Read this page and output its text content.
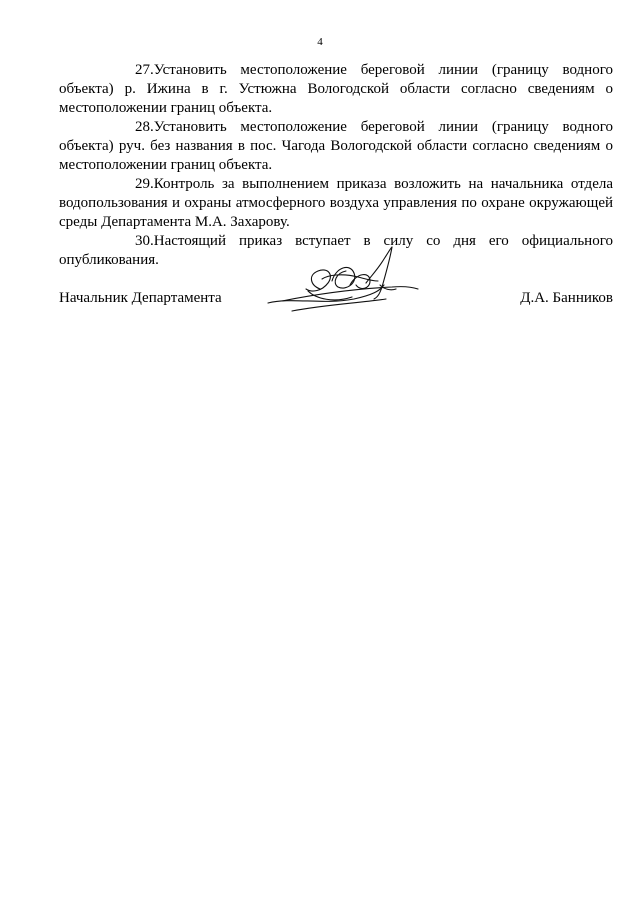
4

27.Установить местоположение береговой линии (границу водного объекта) р. Ижина в г. Устюжна Вологодской области согласно сведениям о местоположении границ объекта.

28.Установить местоположение береговой линии (границу водного объекта) руч. без названия в пос. Чагода Вологодской области согласно сведениям о местоположении границ объекта.

29.Контроль за выполнением приказа возложить на начальника отдела водопользования и охраны атмосферного воздуха управления по охране окружающей среды Департамента М.А. Захарову.

30.Настоящий приказ вступает в силу со дня его официального опубликования.

Начальник Департамента	Д.А. Банников
